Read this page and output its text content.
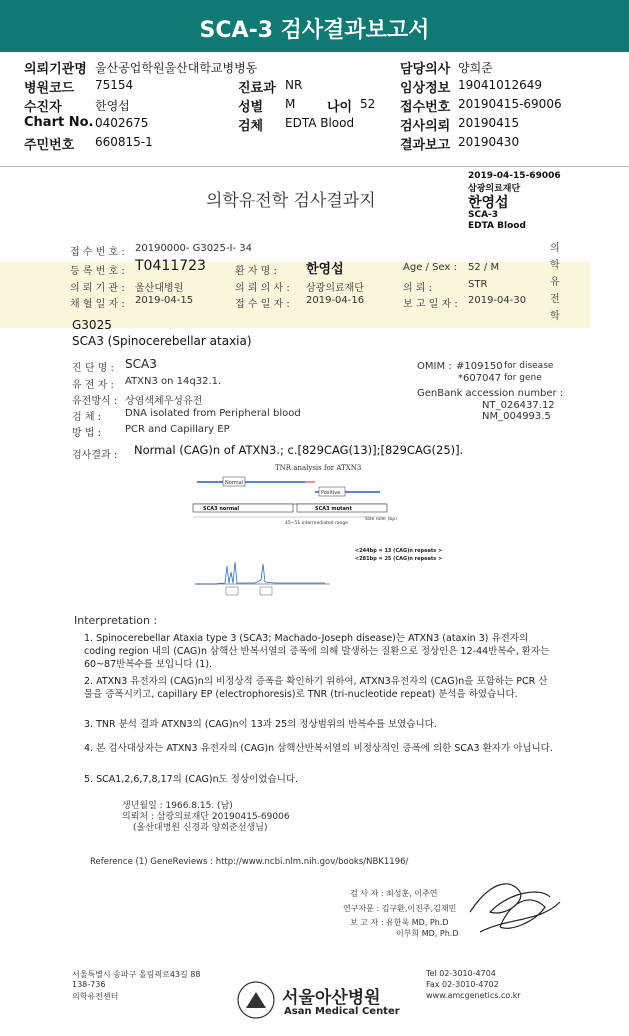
SCA-3 검사결과보고서
의뢰기관명 울산공업학원울산대학교병병동
병원코드 75154
수진자	한영섭
Chart No. 0402675
주민번호 660815-1
진료과 NR
성별 M 나이 52
검체 EDTA Blood
담당의사 양희준
임상정보 19041012649
접수번호 20190415-69006
검사의뢰 20190415
결과보고 20190430
의학유전학 검사결과지
2019-04-15-69006
삼광의료재단
한영섭
SCA-3
EDTA Blood
의학유전학
접 수 번 호 : 20190000- G3025-I- 34
등 록 번 호 : T0411723	환 자 명 : 한영섭	Age / Sex : 52 / M
의 뢰 기 관 : 울산대병원	의 뢰 의 사 : 삼광의료재단	의 뢰 :	STR
채 혈 일 자 : 2019-04-15	접 수 일 자 : 2019-04-16	보 고 일 자 : 2019-04-30
G3025
SCA3 (Spinocerebellar ataxia)
진 단 명 : SCA3
유 전 자 : ATXN3 on 14q32.1.
유전방식 : 상염색체우성유전
검 체 : DNA isolated from Peripheral blood
방 법 : PCR and Capillary EP
OMIM : #109150 for disease
*607047 for gene
GenBank accession number :
NT_026437.12
NM_004993.5
검사결과 : Normal (CAG)n of ATXN3.; c.[829CAG(13)];[829CAG(25)].
TNR analysis for ATXN3
Normal
Positive
SCA3 normal	SCA3 mutant
45~51 intermediated range
Size ruler (bp)
<244bp = 13 (CAG)n repeats >
<281bp = 25 (CAG)n repeats >
Interpretation :
1. Spinocerebellar Ataxia type 3 (SCA3; Machado-Joseph disease)는 ATXN3 (ataxin 3) 유전자의 coding region 내의 (CAG)n 삼핵산 반복서열의 증폭에 의해 발생하는 질환으로 정상인은 12-44반복수, 환자는 60~87반복수를 보입니다 (1).
2. ATXN3 유전자의 (CAG)n의 비정상적 증폭을 확인하기 위하여, ATXN3유전자의 (CAG)n을 포함하는 PCR 산물을 증폭시키고, capillary EP (electrophoresis)로 TNR (tri-nucleotide repeat) 분석을 하였습니다.
3. TNR 분석 결과 ATXN3의 (CAG)n이 13과 25의 정상범위의 반복수를 보였습니다.
4. 본 검사대상자는 ATXN3 유전자의 (CAG)n 삼핵산반복서열의 비정상적인 증폭에 의한 SCA3 환자가 아닙니다.
5. SCA1,2,6,7,8,17의 (CAG)n도 정상이었습니다.
생년월일 : 1966.8.15. (남)
의뢰처 : 삼광의료재단 20190415-69006
(울산대병원 신경과 양희준선생님)
Reference (1) GeneReviews : http://www.ncbi.nlm.nih.gov/books/NBK1196/
검 사 자 : 최성훈, 이주연
연구자문 : 김구환,이진주,김재민
보 고 자 : 유한욱 MD, Ph.D
이부희 MD, Ph.D
서울특별시 송파구 올림픽로43길 88
138-736
의학유전센터	서울아산병원
Asan Medical Center
Tel 02-3010-4704
Fax 02-3010-4702
www.amcgenetics.co.kr
